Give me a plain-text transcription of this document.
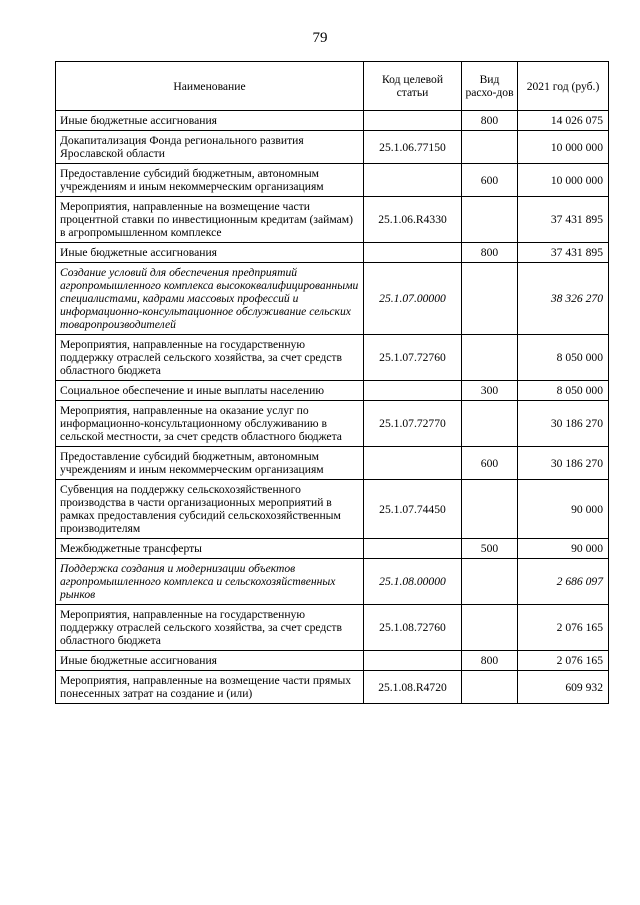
79
Наименование	Код целевой статьи	Вид расхо-дов	2021 год (руб.)
Иные бюджетные ассигнования		800	14 026 075
Докапитализация Фонда регионального развития Ярославской области	25.1.06.77150		10 000 000
Предоставление субсидий бюджетным, автономным учреждениям и иным некоммерческим организациям		600	10 000 000
Мероприятия, направленные на возмещение части процентной ставки по инвестиционным кредитам (займам) в агропромышленном комплексе	25.1.06.R4330		37 431 895
Иные бюджетные ассигнования		800	37 431 895
Создание условий для обеспечения предприятий агропромышленного комплекса высококвалифицированными специалистами, кадрами массовых профессий и информационно-консультационное обслуживание сельских товаропроизводителей	25.1.07.00000		38 326 270
Мероприятия, направленные на государственную поддержку отраслей сельского хозяйства, за счет средств областного бюджета	25.1.07.72760		8 050 000
Социальное обеспечение и иные выплаты населению		300	8 050 000
Мероприятия, направленные на оказание услуг по информационно-консультационному обслуживанию в сельской местности, за счет средств областного бюджета	25.1.07.72770		30 186 270
Предоставление субсидий бюджетным, автономным учреждениям и иным некоммерческим организациям		600	30 186 270
Субвенция на поддержку сельскохозяйственного производства в части организационных мероприятий в рамках предоставления субсидий сельскохозяйственным производителям	25.1.07.74450		90 000
Межбюджетные трансферты		500	90 000
Поддержка создания и модернизации объектов агропромышленного комплекса и сельскохозяйственных рынков	25.1.08.00000		2 686 097
Мероприятия, направленные на государственную поддержку отраслей сельского хозяйства, за счет средств областного бюджета	25.1.08.72760		2 076 165
Иные бюджетные ассигнования		800	2 076 165
Мероприятия, направленные на возмещение части прямых понесенных затрат на создание и (или)	25.1.08.R4720		609 932
